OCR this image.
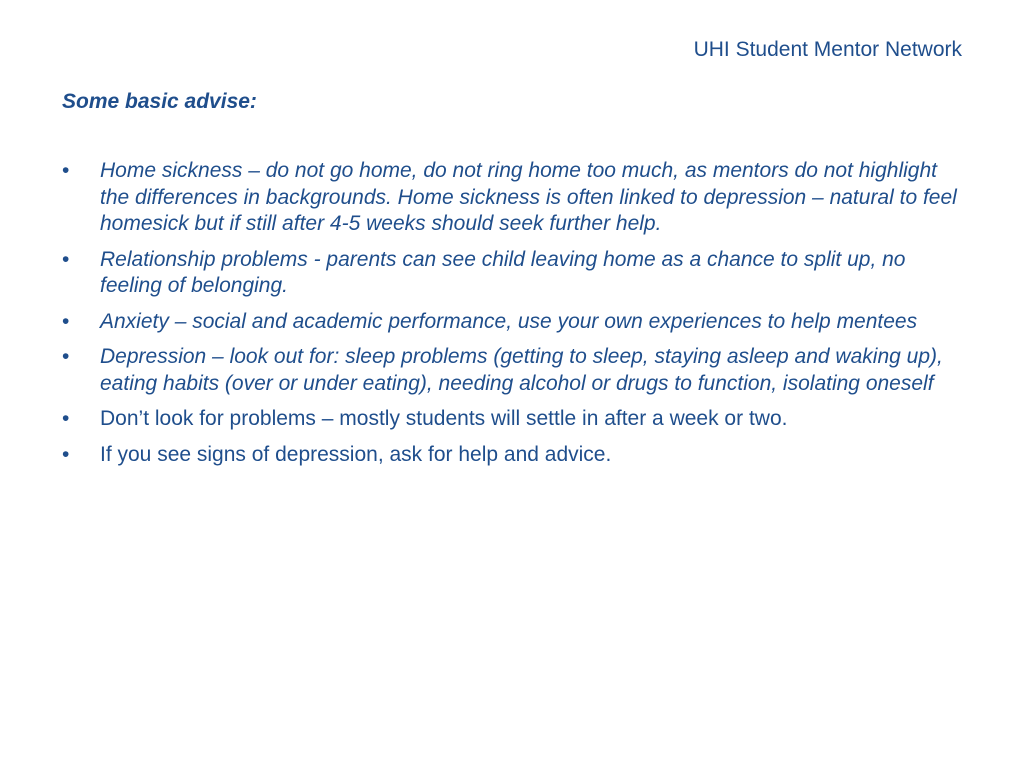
UHI Student Mentor Network
Some basic advise:
• Home sickness – do not go home, do not ring home too much, as mentors do not highlight the differences in backgrounds. Home sickness is often linked to depression – natural to feel homesick but if still after 4-5 weeks should seek further help.
• Relationship problems - parents can see child leaving home as a chance to split up, no feeling of belonging.
• Anxiety – social and academic performance, use your own experiences to help mentees
• Depression – look out for: sleep problems (getting to sleep, staying asleep and waking up), eating habits (over or under eating), needing alcohol or drugs to function, isolating oneself
• Don’t look for problems – mostly students will settle in after a week or two.
• If you see signs of depression, ask for help and advice.
